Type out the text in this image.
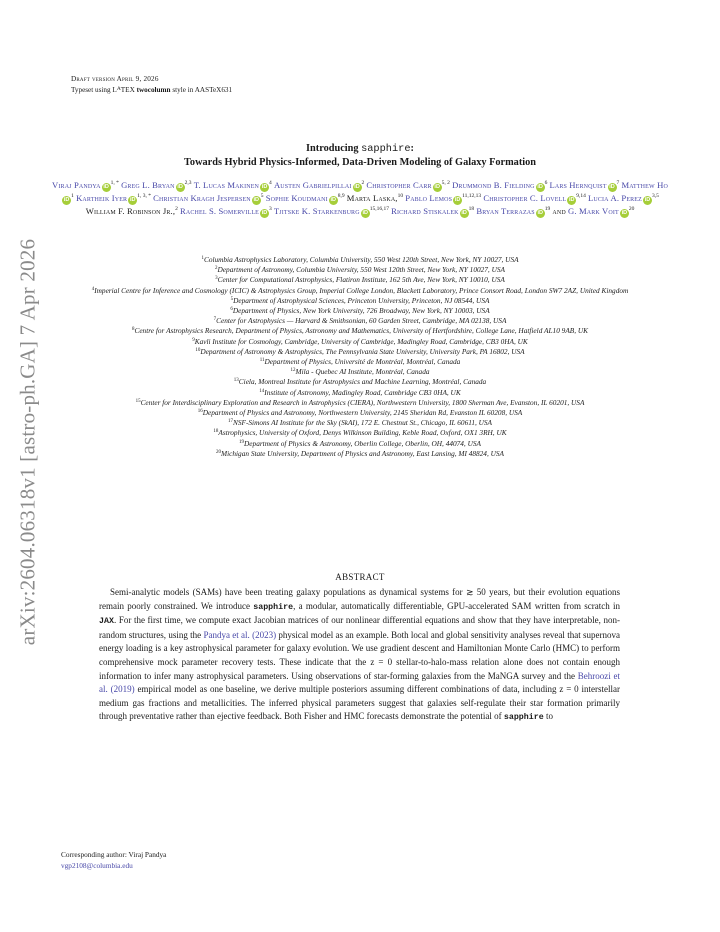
arXiv:2604.06318v1 [astro-ph.GA] 7 Apr 2026
Draft version April 9, 2026
Typeset using $L^ATEX$ twocolumn style in AASTeX631
Introducing sapphire:
Towards Hybrid Physics-Informed, Data-Driven Modeling of Galaxy Formation
Viraj Pandya $iD^{1, *}$ Greg L. Bryan iD$^{2,3}$ T. Lucas Makinen $iD^4$ Austen Gabrielpillai $iD^2$ Christopher Carr iD$^{5, 2}$ Drummond B. Fielding $iD^6$ Lars Hernquist $iD^7$ Matthew HoiD$^1$ Kartheik Iyer $iD^{1, 3, *}$ Christian Kragh Jespersen $iD^5$ Sophie Koudmani iD$^{8,9}$ Marta Laska,$^{10}$ Pablo Lemos iD$^{11,12,13}$ Christopher C. Lovell iD$^{9,14}$ Lucia A. Perez iD$^{3,5}$ William F. Robinson Jr.,$^2$ Rachel S. Somerville $iD^3$ Tjitske K. Starkenburg iD$^{15,16,17}$ Richard Stiskalek $iD^{18}$ Bryan Terrazas $iD^{19}$ and G. Mark Voit $iD^{20}$
$^1$Columbia Astrophysics Laboratory, Columbia University, 550 West 120th Street, New York, NY 10027, USA
$^2$Department of Astronomy, Columbia University, 550 West 120th Street, New York, NY 10027, USA
$^3$Center for Computational Astrophysics, Flatiron Institute, 162 5th Ave, New York, NY 10010, USA
$^4$Imperial Centre for Inference and Cosmology (ICIC) & Astrophysics Group, Imperial College London, Blackett Laboratory, Prince Consort Road, London SW7 2AZ, United Kingdom
$^5$Department of Astrophysical Sciences, Princeton University, Princeton, NJ 08544, USA
$^6$Department of Physics, New York University, 726 Broadway, New York, NY 10003, USA
$^7$Center for Astrophysics — Harvard & Smithsonian, 60 Garden Street, Cambridge, MA 02138, USA
$^8$Centre for Astrophysics Research, Department of Physics, Astronomy and Mathematics, University of Hertfordshire, College Lane, Hatfield AL10 9AB, UK
$^9$Kavli Institute for Cosmology, Cambridge, University of Cambridge, Madingley Road, Cambridge, CB3 0HA, UK
$^{10}$Department of Astronomy & Astrophysics, The Pennsylvania State University, University Park, PA 16802, USA
$^{11}$Department of Physics, Université de Montréal, Montréal, Canada
$^{12}$Mila - Quebec AI Institute, Montréal, Canada
$^{13}$Ciela, Montreal Institute for Astrophysics and Machine Learning, Montréal, Canada
$^{14}$Institute of Astronomy, Madingley Road, Cambridge CB3 0HA, UK
$^{15}$Center for Interdisciplinary Exploration and Research in Astrophysics (CIERA), Northwestern University, 1800 Sherman Ave, Evanston, IL 60201, USA
$^{16}$Department of Physics and Astronomy, Northwestern University, 2145 Sheridan Rd, Evanston IL 60208, USA
$^{17}$NSF-Simons AI Institute for the Sky (SkAI), 172 E. Chestnut St., Chicago, IL 60611, USA
$^{18}$Astrophysics, University of Oxford, Denys Wilkinson Building, Keble Road, Oxford, OX1 3RH, UK
$^{19}$Department of Physics & Astronomy, Oberlin College, Oberlin, OH, 44074, USA
$^{20}$Michigan State University, Department of Physics and Astronomy, East Lansing, MI 48824, USA
ABSTRACT
Semi-analytic models (SAMs) have been treating galaxy populations as dynamical systems for ≳ 50 years, but their evolution equations remain poorly constrained. We introduce sapphire, a modular, automatically differentiable, GPU-accelerated SAM written from scratch in JAX. For the first time, we compute exact Jacobian matrices of our nonlinear differential equations and show that they have interpretable, non-random structures, using the Pandya et al. (2023) physical model as an example. Both local and global sensitivity analyses reveal that supernova energy loading is a key astrophysical parameter for galaxy evolution. We use gradient descent and Hamiltonian Monte Carlo (HMC) to perform comprehensive mock parameter recovery tests. These indicate that the z = 0 stellar-to-halo-mass relation alone does not contain enough information to infer many astrophysical parameters. Using observations of star-forming galaxies from the MaNGA survey and the Behroozi et al. (2019) empirical model as one baseline, we derive multiple posteriors assuming different combinations of data, including z = 0 interstellar medium gas fractions and metallicities. The inferred physical parameters suggest that galaxies self-regulate their star formation primarily through preventative rather than ejective feedback. Both Fisher and HMC forecasts demonstrate the potential of sapphire to
Corresponding author: Viraj Pandya
vgp2108@columbia.edu
